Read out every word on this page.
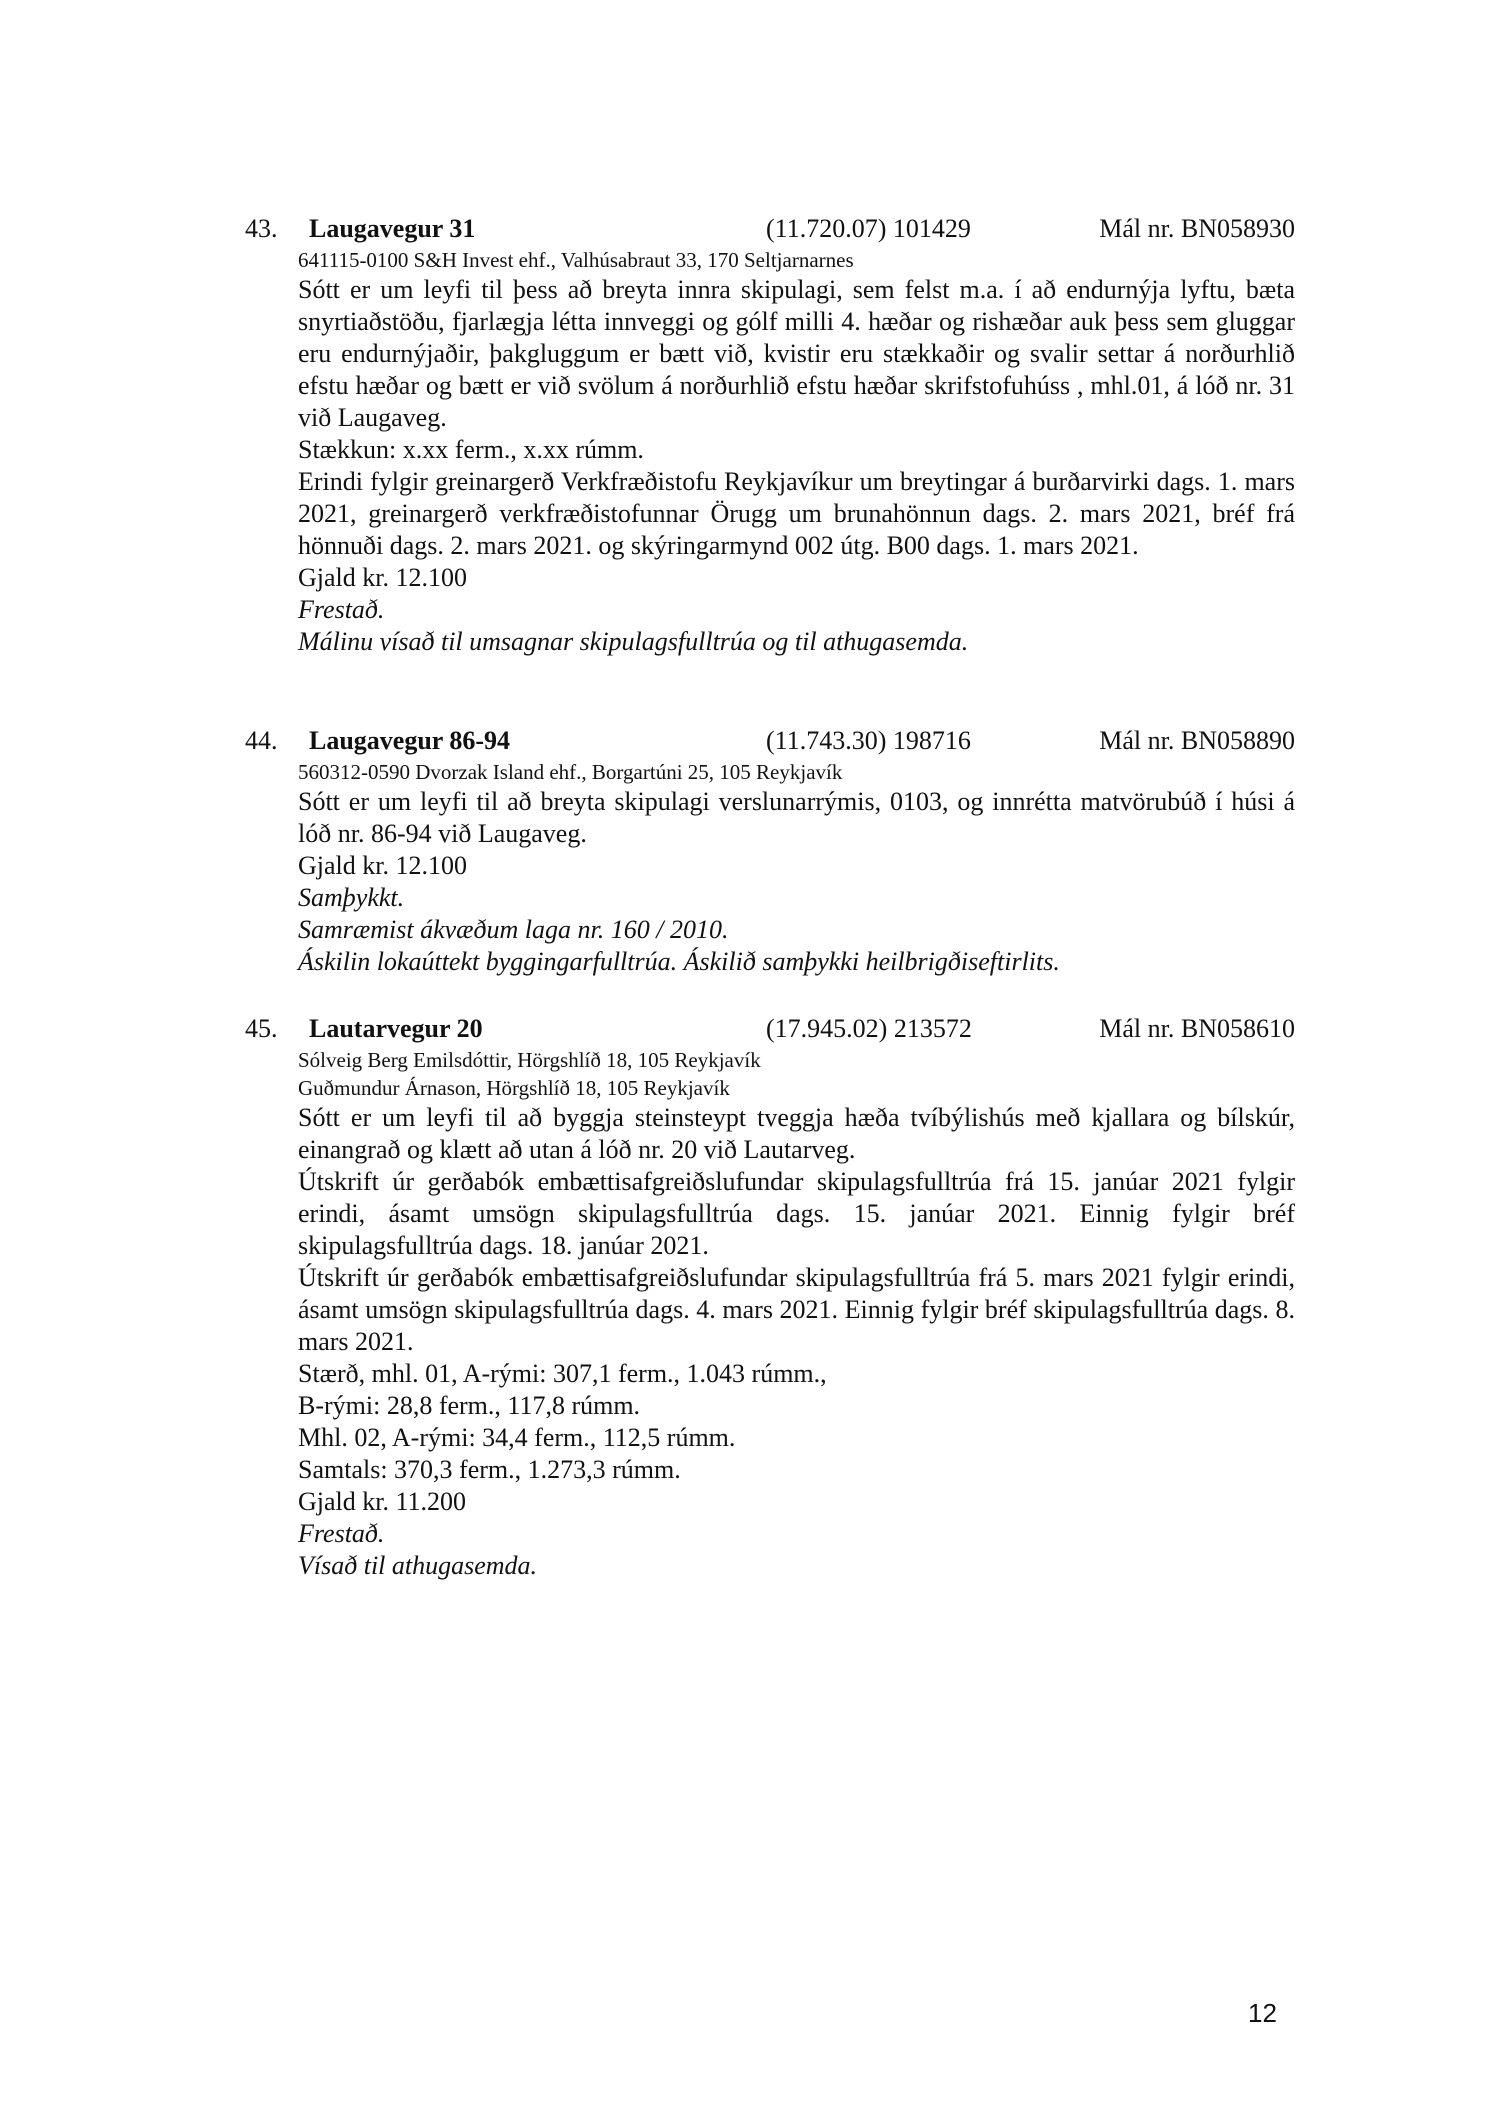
43. Laugavegur 31	(11.720.07) 101429	Mál nr. BN058930
641115-0100 S&H Invest ehf., Valhúsabraut 33, 170 Seltjarnarnes
Sótt er um leyfi til þess að breyta innra skipulagi, sem felst m.a. í að endurnýja lyftu, bæta snyrtiaðstöðu, fjarlægja létta innveggi og gólf milli 4. hæðar og rishæðar auk þess sem gluggar eru endurnýjaðir, þakgluggum er bætt við, kvistir eru stækkaðir og svalir settar á norðurhlið efstu hæðar og bætt er við svölum á norðurhlið efstu hæðar skrifstofuhúss , mhl.01, á lóð nr. 31 við Laugaveg.
Stækkun: x.xx ferm., x.xx rúmm.
Erindi fylgir greinargerð Verkfræðistofu Reykjavíkur um breytingar á burðarvirki dags. 1. mars 2021, greinargerð verkfræðistofunnar Örugg um brunahönnun dags. 2. mars 2021, bréf frá hönnuði dags. 2. mars 2021. og skýringarmynd 002 útg. B00 dags. 1. mars 2021.
Gjald kr. 12.100
Frestað.
Málinu vísað til umsagnar skipulagsfulltrúa og til athugasemda.
44. Laugavegur 86-94	(11.743.30) 198716	Mál nr. BN058890
560312-0590 Dvorzak Island ehf., Borgartúni 25, 105 Reykjavík
Sótt er um leyfi til að breyta skipulagi verslunarrýmis, 0103, og innrétta matvörubúð í húsi á lóð nr. 86-94 við Laugaveg.
Gjald kr. 12.100
Samþykkt.
Samræmist ákvæðum laga nr. 160 / 2010.
Áskilin lokaúttekt byggingarfulltrúa. Áskilið samþykki heilbrigðiseftirlits.
45. Lautarvegur 20	(17.945.02) 213572	Mál nr. BN058610
Sólveig Berg Emilsdóttir, Hörgshlíð 18, 105 Reykjavík
Guðmundur Árnason, Hörgshlíð 18, 105 Reykjavík
Sótt er um leyfi til að byggja steinsteypt tveggja hæða tvíbýlishús með kjallara og bílskúr, einangrað og klætt að utan á lóð nr. 20 við Lautarveg.
Útskrift úr gerðabók embættisafgreiðslufundar skipulagsfulltrúa frá 15. janúar 2021 fylgir erindi, ásamt umsögn skipulagsfulltrúa dags. 15. janúar 2021. Einnig fylgir bréf skipulagsfulltrúa dags. 18. janúar 2021.
Útskrift úr gerðabók embættisafgreiðslufundar skipulagsfulltrúa frá 5. mars 2021 fylgir erindi, ásamt umsögn skipulagsfulltrúa dags. 4. mars 2021. Einnig fylgir bréf skipulagsfulltrúa dags. 8. mars 2021.
Stærð, mhl. 01, A-rými: 307,1 ferm., 1.043 rúmm.,
B-rými: 28,8 ferm., 117,8 rúmm.
Mhl. 02, A-rými: 34,4 ferm., 112,5 rúmm.
Samtals: 370,3 ferm., 1.273,3 rúmm.
Gjald kr. 11.200
Frestað.
Vísað til athugasemda.
12
